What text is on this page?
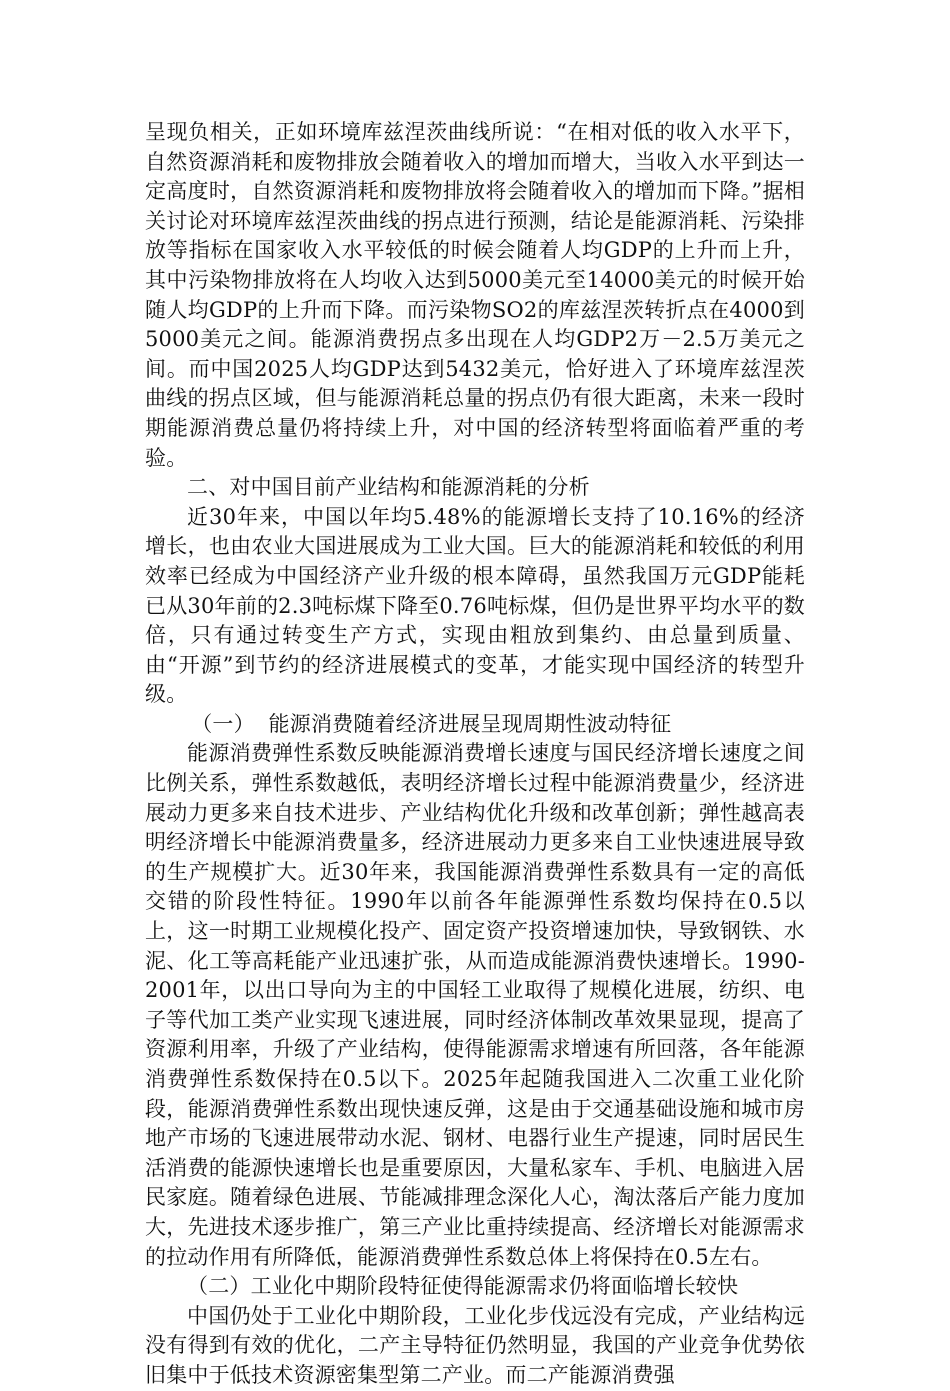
呈现负相关，正如环境库兹涅茨曲线所说：“在相对低的收入水平下，自然资源消耗和废物排放会随着收入的增加而增大，当收入水平到达一定高度时，自然资源消耗和废物排放将会随着收入的增加而下降。”据相关讨论对环境库兹涅茨曲线的拐点进行预测，结论是能源消耗、污染排放等指标在国家收入水平较低的时候会随着人均GDP的上升而上升，其中污染物排放将在人均收入达到5000美元至14000美元的时候开始随人均GDP的上升而下降。而污染物SO2的库兹涅茨转折点在4000到5000美元之间。能源消费拐点多出现在人均GDP2万－2.5万美元之间。而中国2025人均GDP达到5432美元，恰好进入了环境库兹涅茨曲线的拐点区域，但与能源消耗总量的拐点仍有很大距离，未来一段时期能源消费总量仍将持续上升，对中国的经济转型将面临着严重的考验。

二、对中国目前产业结构和能源消耗的分析

近30年来，中国以年均5.48%的能源增长支持了10.16%的经济增长，也由农业大国进展成为工业大国。巨大的能源消耗和较低的利用效率已经成为中国经济产业升级的根本障碍，虽然我国万元GDP能耗已从30年前的2.3吨标煤下降至0.76吨标煤，但仍是世界平均水平的数倍，只有通过转变生产方式，实现由粗放到集约、由总量到质量、由“开源”到节约的经济进展模式的变革，才能实现中国经济的转型升级。

（一）  能源消费随着经济进展呈现周期性波动特征

能源消费弹性系数反映能源消费增长速度与国民经济增长速度之间比例关系，弹性系数越低，表明经济增长过程中能源消费量少，经济进展动力更多来自技术进步、产业结构优化升级和改革创新；弹性越高表明经济增长中能源消费量多，经济进展动力更多来自工业快速进展导致的生产规模扩大。近30年来，我国能源消费弹性系数具有一定的高低交错的阶段性特征。1990年以前各年能源弹性系数均保持在0.5以上，这一时期工业规模化投产、固定资产投资增速加快，导致钢铁、水泥、化工等高耗能产业迅速扩张，从而造成能源消费快速增长。1990-2001年，以出口导向为主的中国轻工业取得了规模化进展，纺织、电子等代加工类产业实现飞速进展，同时经济体制改革效果显现，提高了资源利用率，升级了产业结构，使得能源需求增速有所回落，各年能源消费弹性系数保持在0.5以下。2025年起随我国进入二次重工业化阶段，能源消费弹性系数出现快速反弹，这是由于交通基础设施和城市房地产市场的飞速进展带动水泥、钢材、电器行业生产提速，同时居民生活消费的能源快速增长也是重要原因，大量私家车、手机、电脑进入居民家庭。随着绿色进展、节能减排理念深化人心，淘汰落后产能力度加大，先进技术逐步推广，第三产业比重持续提高、经济增长对能源需求的拉动作用有所降低，能源消费弹性系数总体上将保持在0.5左右。

（二）工业化中期阶段特征使得能源需求仍将面临增长较快

中国仍处于工业化中期阶段，工业化步伐远没有完成，产业结构远没有得到有效的优化，二产主导特征仍然明显，我国的产业竞争优势依旧集中于低技术资源密集型第二产业。而二产能源消费强
